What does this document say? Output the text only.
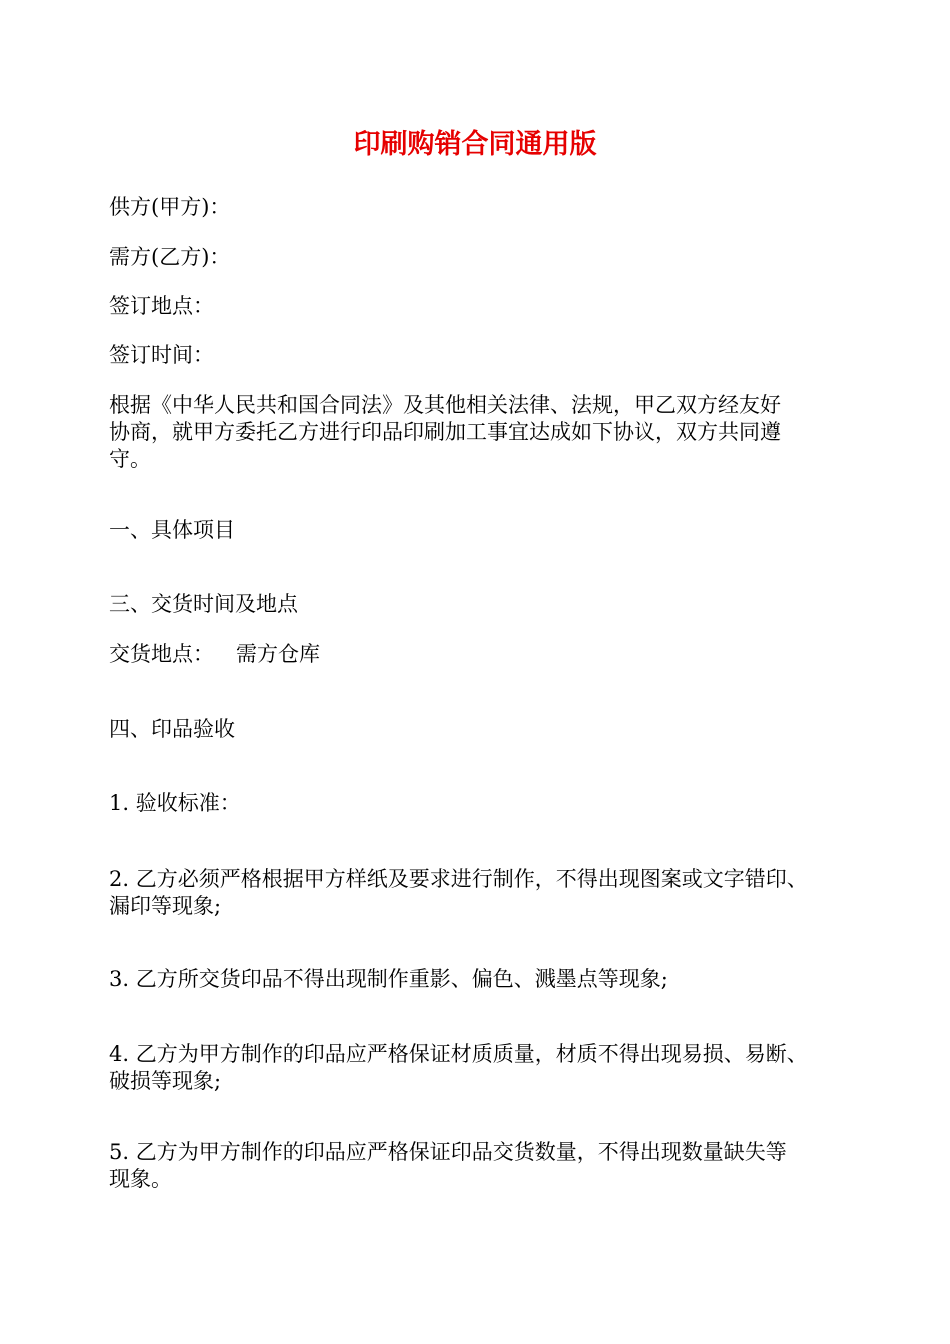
印刷购销合同通用版
供方(甲方)：
需方(乙方)：
签订地点：
签订时间：
根据《中华人民共和国合同法》及其他相关法律、法规，甲乙双方经友好
协商，就甲方委托乙方进行印品印刷加工事宜达成如下协议，双方共同遵
守。
一、具体项目
三、交货时间及地点
交货地点： 需方仓库
四、印品验收
1. 验收标准：
2. 乙方必须严格根据甲方样纸及要求进行制作，不得出现图案或文字错印、
漏印等现象;
3. 乙方所交货印品不得出现制作重影、偏色、溅墨点等现象;
4. 乙方为甲方制作的印品应严格保证材质质量，材质不得出现易损、易断、
破损等现象;
5. 乙方为甲方制作的印品应严格保证印品交货数量，不得出现数量缺失等
现象。
